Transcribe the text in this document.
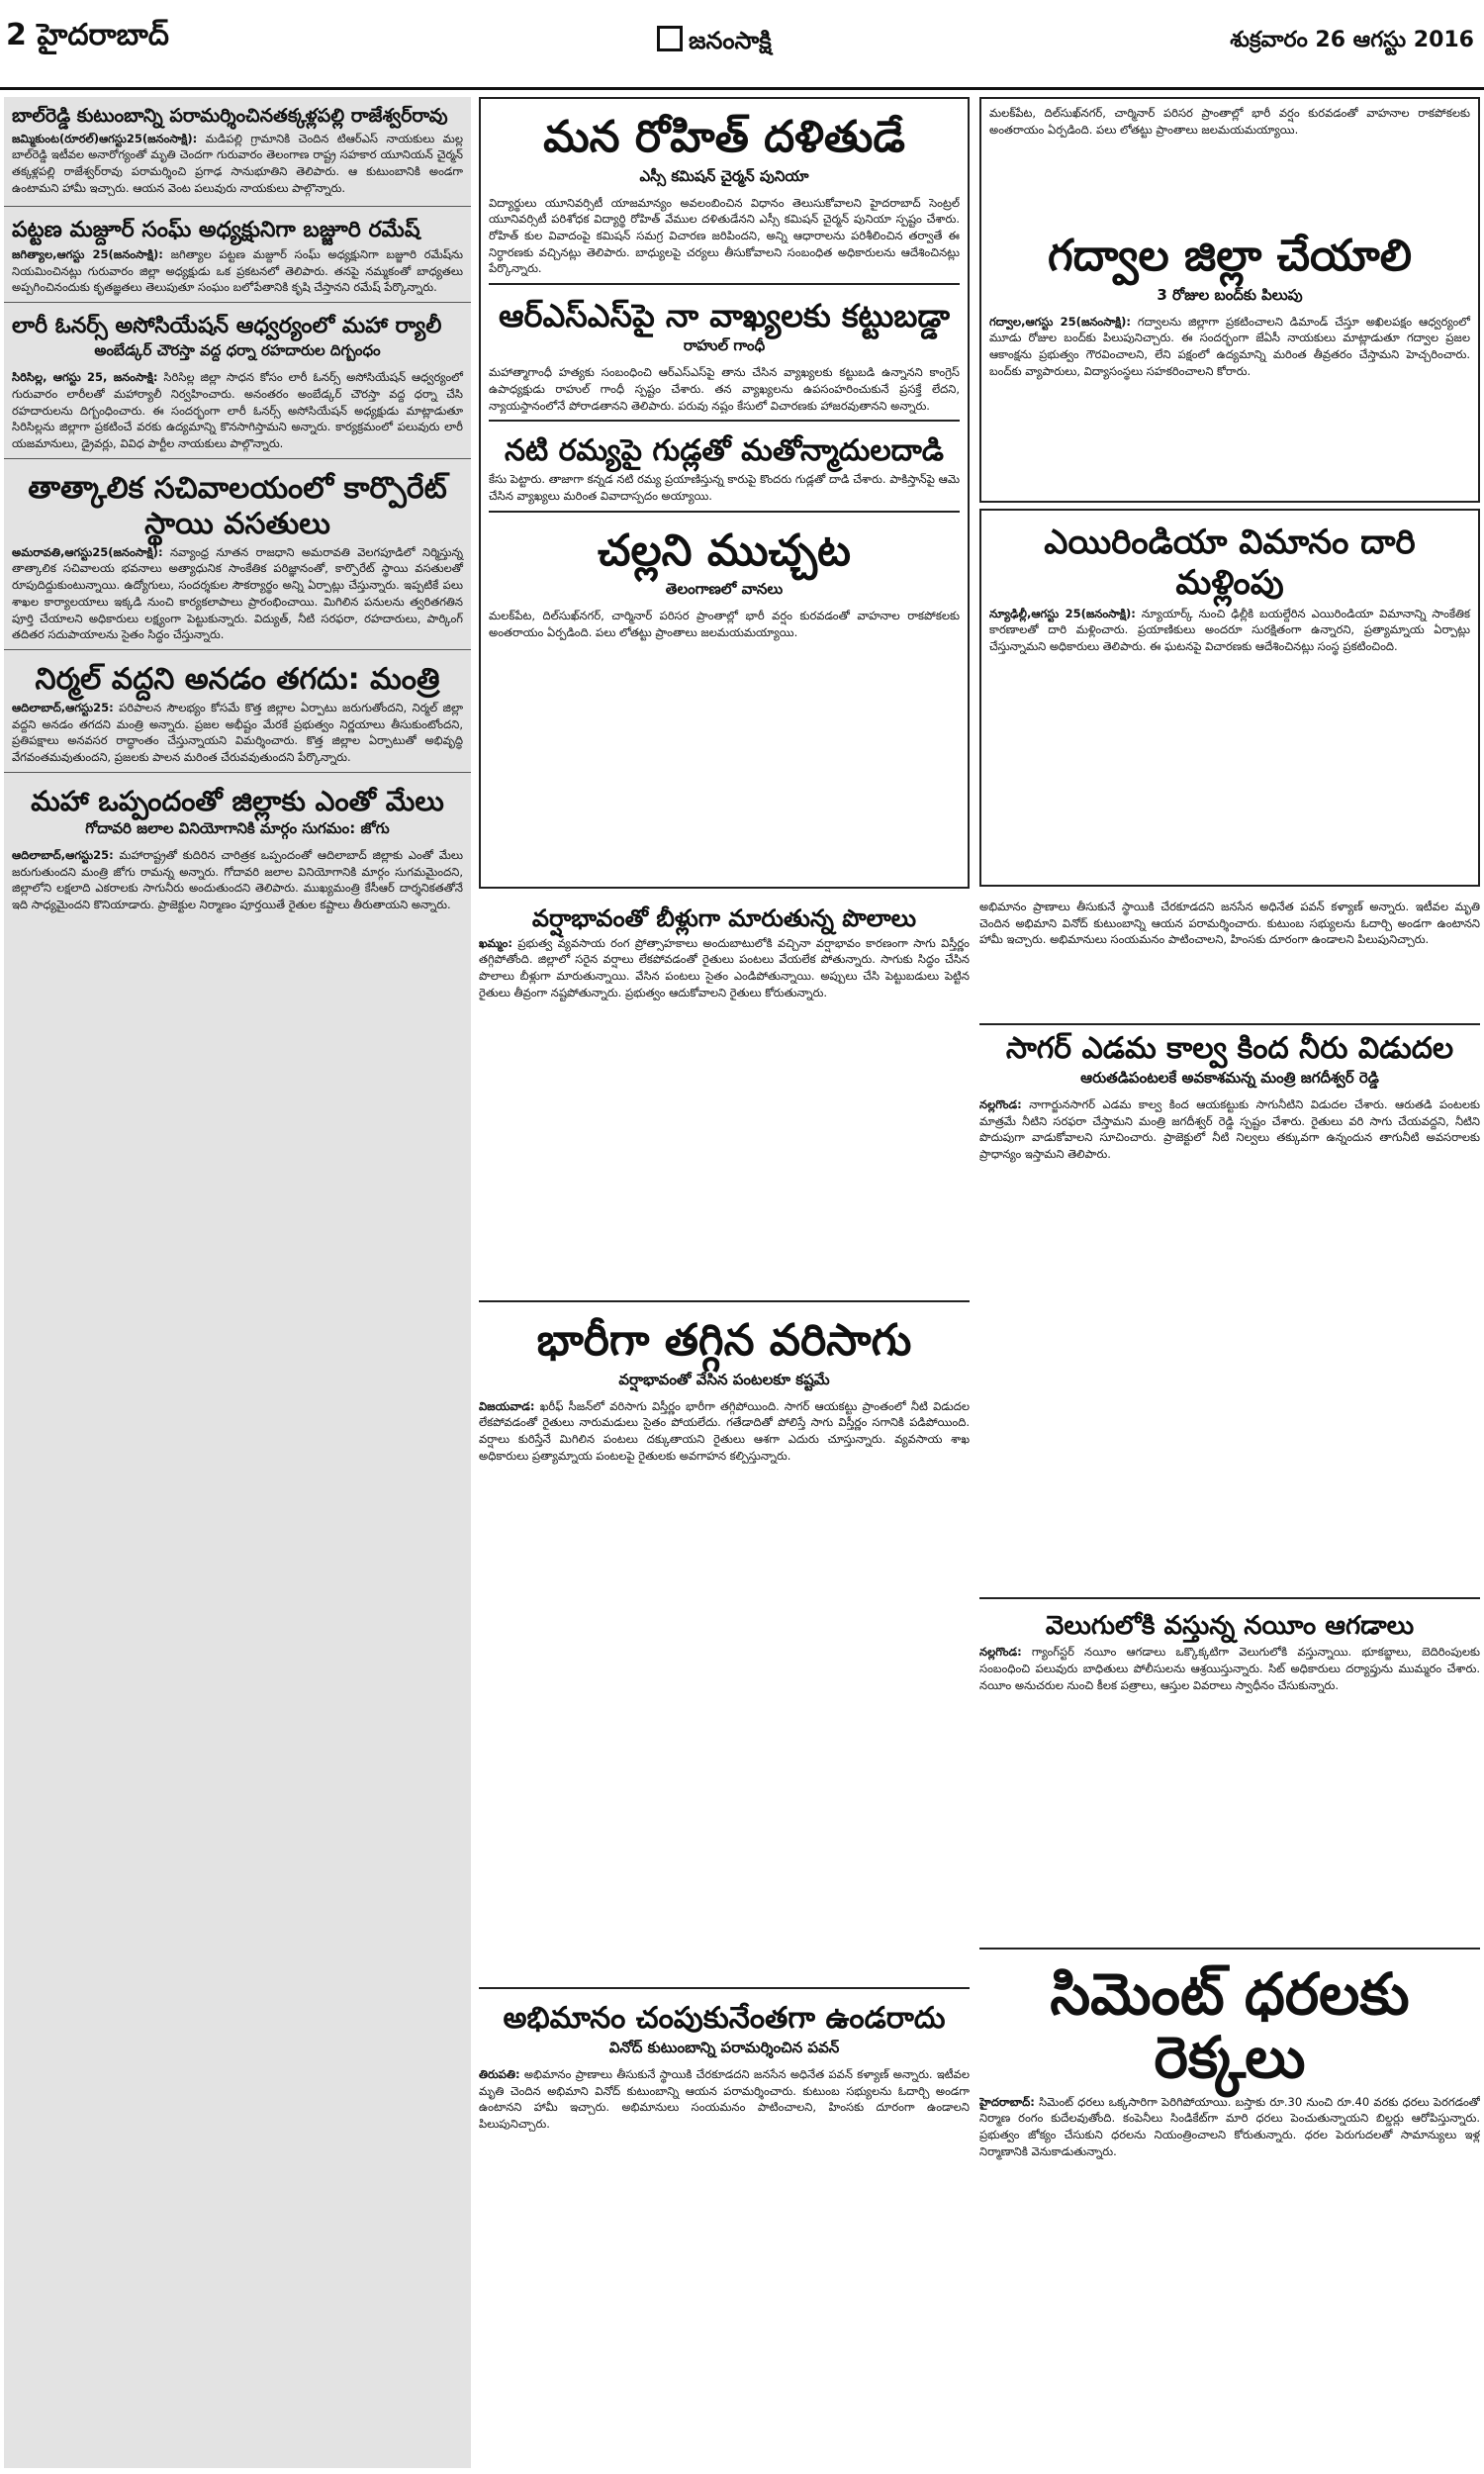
2 హైదరాబాద్	జనంసాక్షి	శుక్రవారం 26 ఆగస్టు 2016
బాల్‌రెడ్డి కుటుంబాన్ని పరామర్శించినతక్కళ్లపల్లి రాజేశ్వర్‌రావు
జమ్మికుంట(రూరల్‌)ఆగస్టు25(జనంసాక్షి): మడిపల్లి గ్రామానికి చెందిన టిఆర్‌ఎస్‌ నాయకులు మల్ల బాల్‌రెడ్డి ఇటీవల అనారోగ్యంతో మృతి చెందగా గురువారం తెలంగాణ రాష్ట్ర సహకార యూనియన్‌ చైర్మన్‌ తక్కళ్లపల్లి రాజేశ్వర్‌రావు పరామర్శించి ప్రగాఢ సానుభూతిని తెలిపారు. ఆ కుటుంబానికి అండగా ఉంటామని హామీ ఇచ్చారు. ఆయన వెంట పలువురు నాయకులు పాల్గొన్నారు.
పట్టణ మజ్దూర్‌ సంఘ్‌ అధ్యక్షునిగా బజ్జూరి రమేష్‌
జగిత్యాల,ఆగస్టు 25(జనంసాక్షి): జగిత్యాల పట్టణ మజ్దూర్‌ సంఘ్‌ అధ్యక్షునిగా బజ్జూరి రమేష్‌ను నియమించినట్లు గురువారం జిల్లా అధ్యక్షుడు ఒక ప్రకటనలో తెలిపారు. తనపై నమ్మకంతో బాధ్యతలు అప్పగించినందుకు కృతజ్ఞతలు తెలుపుతూ సంఘం బలోపేతానికి కృషి చేస్తానని రమేష్‌ పేర్కొన్నారు.
లారీ ఓనర్స్‌ అసోసియేషన్‌ ఆధ్వర్యంలో మహా ర్యాలీ
అంబేడ్కర్‌ చౌరస్తా వద్ద ధర్నా రహదారుల దిగ్బంధం
సిరిసిల్ల, ఆగస్టు 25, జనంసాక్షి: సిరిసిల్ల జిల్లా సాధన కోసం లారీ ఓనర్స్‌ అసోసియేషన్‌ ఆధ్వర్యంలో గురువారం లారీలతో మహార్యాలీ నిర్వహించారు. అనంతరం అంబేడ్కర్‌ చౌరస్తా వద్ద ధర్నా చేసి రహదారులను దిగ్బంధించారు. ఈ సందర్భంగా లారీ ఓనర్స్‌ అసోసియేషన్‌ అధ్యక్షుడు మాట్లాడుతూ సిరిసిల్లను జిల్లాగా ప్రకటించే వరకు ఉద్యమాన్ని కొనసాగిస్తామని అన్నారు. కార్యక్రమంలో పలువురు లారీ యజమానులు, డ్రైవర్లు, వివిధ పార్టీల నాయకులు పాల్గొన్నారు.
తాత్కాలిక సచివాలయంలో కార్పొరేట్‌ స్థాయి వసతులు
అమరావతి,ఆగస్టు25(జనంసాక్షి): నవ్యాంధ్ర నూతన రాజధాని అమరావతి వెలగపూడిలో నిర్మిస్తున్న తాత్కాలిక సచివాలయ భవనాలు అత్యాధునిక సాంకేతిక పరిజ్ఞానంతో, కార్పొరేట్‌ స్థాయి వసతులతో రూపుదిద్దుకుంటున్నాయి. ఉద్యోగులు, సందర్శకుల సౌకర్యార్థం అన్ని ఏర్పాట్లు చేస్తున్నారు. ఇప్పటికే పలు శాఖల కార్యాలయాలు ఇక్కడి నుంచి కార్యకలాపాలు ప్రారంభించాయి. మిగిలిన పనులను త్వరితగతిన పూర్తి చేయాలని అధికారులు లక్ష్యంగా పెట్టుకున్నారు. విద్యుత్‌, నీటి సరఫరా, రహదారులు, పార్కింగ్‌ తదితర సదుపాయాలను సైతం సిద్ధం చేస్తున్నారు.
నిర్మల్‌ వద్దని అనడం తగదు: మంత్రి
ఆదిలాబాద్‌,ఆగస్టు25: పరిపాలన సౌలభ్యం కోసమే కొత్త జిల్లాల ఏర్పాటు జరుగుతోందని, నిర్మల్‌ జిల్లా వద్దని అనడం తగదని మంత్రి అన్నారు. ప్రజల అభీష్టం మేరకే ప్రభుత్వం నిర్ణయాలు తీసుకుంటోందని, ప్రతిపక్షాలు అనవసర రాద్ధాంతం చేస్తున్నాయని విమర్శించారు. కొత్త జిల్లాల ఏర్పాటుతో అభివృద్ధి వేగవంతమవుతుందని, ప్రజలకు పాలన మరింత చేరువవుతుందని పేర్కొన్నారు.
మహా ఒప్పందంతో జిల్లాకు ఎంతో మేలు
గోదావరి జలాల వినియోగానికి మార్గం సుగమం: జోగు
ఆదిలాబాద్‌,ఆగస్టు25: మహారాష్ట్రతో కుదిరిన చారిత్రక ఒప్పందంతో ఆదిలాబాద్‌ జిల్లాకు ఎంతో మేలు జరుగుతుందని మంత్రి జోగు రామన్న అన్నారు. గోదావరి జలాల వినియోగానికి మార్గం సుగమమైందని, జిల్లాలోని లక్షలాది ఎకరాలకు సాగునీరు అందుతుందని తెలిపారు. ముఖ్యమంత్రి కేసీఆర్‌ దార్శనికతతోనే ఇది సాధ్యమైందని కొనియాడారు. ప్రాజెక్టుల నిర్మాణం పూర్తయితే రైతుల కష్టాలు తీరుతాయని అన్నారు.
మన రోహిత్‌ దళితుడే
ఎస్సీ కమిషన్‌ చైర్మన్‌ పునియా
విద్యార్థులు యూనివర్సిటీ యాజమాన్యం అవలంబించిన విధానం తెలుసుకోవాలని హైదరాబాద్‌ సెంట్రల్‌ యూనివర్సిటీ పరిశోధక విద్యార్థి రోహిత్‌ వేముల దళితుడేనని ఎస్సీ కమిషన్‌ చైర్మన్‌ పునియా స్పష్టం చేశారు. రోహిత్‌ కుల వివాదంపై కమిషన్‌ సమగ్ర విచారణ జరిపిందని, అన్ని ఆధారాలను పరిశీలించిన తర్వాతే ఈ నిర్ధారణకు వచ్చినట్లు తెలిపారు. బాధ్యులపై చర్యలు తీసుకోవాలని సంబంధిత అధికారులను ఆదేశించినట్లు పేర్కొన్నారు.
ఆర్‌ఎస్‌ఎస్‌పై నా వాఖ్యలకు కట్టుబడ్డా
రాహుల్‌ గాంధీ
మహాత్మాగాంధీ హత్యకు సంబంధించి ఆర్‌ఎస్‌ఎస్‌పై తాను చేసిన వ్యాఖ్యలకు కట్టుబడి ఉన్నానని కాంగ్రెస్‌ ఉపాధ్యక్షుడు రాహుల్‌ గాంధీ స్పష్టం చేశారు. తన వ్యాఖ్యలను ఉపసంహరించుకునే ప్రసక్తే లేదని, న్యాయస్థానంలోనే పోరాడతానని తెలిపారు. పరువు నష్టం కేసులో విచారణకు హాజరవుతానని అన్నారు.
నటి రమ్యపై గుడ్లతో మతోన్మాదులదాడి
కేసు పెట్టారు. తాజాగా కన్నడ నటి రమ్య ప్రయాణిస్తున్న కారుపై కొందరు గుడ్లతో దాడి చేశారు. పాకిస్తాన్‌పై ఆమె చేసిన వ్యాఖ్యలు మరింత వివాదాస్పదం అయ్యాయి.
చల్లని ముచ్చట
తెలంగాణలో వానలు
మలక్‌పేట, దిల్‌సుఖ్‌నగర్‌, చార్మినార్‌ పరిసర ప్రాంతాల్లో భారీ వర్షం కురవడంతో వాహనాల రాకపోకలకు అంతరాయం ఏర్పడింది. పలు లోతట్టు ప్రాంతాలు జలమయమయ్యాయి.
మలక్‌పేట, దిల్‌సుఖ్‌నగర్‌, చార్మినార్‌ పరిసర ప్రాంతాల్లో భారీ వర్షం కురవడంతో వాహనాల రాకపోకలకు అంతరాయం ఏర్పడింది. పలు లోతట్టు ప్రాంతాలు జలమయమయ్యాయి.
గద్వాల జిల్లా చేయాలి
3 రోజుల బంద్‌కు పిలుపు
గద్వాల,ఆగస్టు 25(జనంసాక్షి): గద్వాలను జిల్లాగా ప్రకటించాలని డిమాండ్‌ చేస్తూ అఖిలపక్షం ఆధ్వర్యంలో మూడు రోజుల బంద్‌కు పిలుపునిచ్చారు. ఈ సందర్భంగా జేఏసీ నాయకులు మాట్లాడుతూ గద్వాల ప్రజల ఆకాంక్షను ప్రభుత్వం గౌరవించాలని, లేని పక్షంలో ఉద్యమాన్ని మరింత తీవ్రతరం చేస్తామని హెచ్చరించారు. బంద్‌కు వ్యాపారులు, విద్యాసంస్థలు సహకరించాలని కోరారు.
ఎయిరిండియా విమానం దారి మళ్లింపు
న్యూఢిల్లీ,ఆగస్టు 25(జనంసాక్షి): న్యూయార్క్‌ నుంచి ఢిల్లీకి బయల్దేరిన ఎయిరిండియా విమానాన్ని సాంకేతిక కారణాలతో దారి మళ్లించారు. ప్రయాణికులు అందరూ సురక్షితంగా ఉన్నారని, ప్రత్యామ్నాయ ఏర్పాట్లు చేస్తున్నామని అధికారులు తెలిపారు. ఈ ఘటనపై విచారణకు ఆదేశించినట్లు సంస్థ ప్రకటించింది.
వర్షాభావంతో బీళ్లుగా మారుతున్న పొలాలు
ఖమ్మం: ప్రభుత్వ వ్యవసాయ రంగ ప్రోత్సాహకాలు అందుబాటులోకి వచ్చినా వర్షాభావం కారణంగా సాగు విస్తీర్ణం తగ్గిపోతోంది. జిల్లాలో సరైన వర్షాలు లేకపోవడంతో రైతులు పంటలు వేయలేక పోతున్నారు. సాగుకు సిద్ధం చేసిన పొలాలు బీళ్లుగా మారుతున్నాయి. వేసిన పంటలు సైతం ఎండిపోతున్నాయి. అప్పులు చేసి పెట్టుబడులు పెట్టిన రైతులు తీవ్రంగా నష్టపోతున్నారు. ప్రభుత్వం ఆదుకోవాలని రైతులు కోరుతున్నారు.
భారీగా తగ్గిన వరిసాగు
వర్షాభావంతో వేసిన పంటలకూ కష్టమే
విజయవాడ: ఖరీఫ్‌ సీజన్‌లో వరిసాగు విస్తీర్ణం భారీగా తగ్గిపోయింది. సాగర్‌ ఆయకట్టు ప్రాంతంలో నీటి విడుదల లేకపోవడంతో రైతులు నారుమడులు సైతం పోయలేదు. గతేడాదితో పోలిస్తే సాగు విస్తీర్ణం సగానికి పడిపోయింది. వర్షాలు కురిస్తేనే మిగిలిన పంటలు దక్కుతాయని రైతులు ఆశగా ఎదురు చూస్తున్నారు. వ్యవసాయ శాఖ అధికారులు ప్రత్యామ్నాయ పంటలపై రైతులకు అవగాహన కల్పిస్తున్నారు.
అభిమానం చంపుకునేంతగా ఉండరాదు
వినోద్‌ కుటుంబాన్ని పరామర్శించిన పవన్‌
తిరుపతి: అభిమానం ప్రాణాలు తీసుకునే స్థాయికి చేరకూడదని జనసేన అధినేత పవన్‌ కళ్యాణ్‌ అన్నారు. ఇటీవల మృతి చెందిన అభిమాని వినోద్‌ కుటుంబాన్ని ఆయన పరామర్శించారు. కుటుంబ సభ్యులను ఓదార్చి అండగా ఉంటానని హామీ ఇచ్చారు. అభిమానులు సంయమనం పాటించాలని, హింసకు దూరంగా ఉండాలని పిలుపునిచ్చారు.
అభిమానం ప్రాణాలు తీసుకునే స్థాయికి చేరకూడదని జనసేన అధినేత పవన్‌ కళ్యాణ్‌ అన్నారు. ఇటీవల మృతి చెందిన అభిమాని వినోద్‌ కుటుంబాన్ని ఆయన పరామర్శించారు. కుటుంబ సభ్యులను ఓదార్చి అండగా ఉంటానని హామీ ఇచ్చారు. అభిమానులు సంయమనం పాటించాలని, హింసకు దూరంగా ఉండాలని పిలుపునిచ్చారు.
సాగర్‌ ఎడమ కాల్వ కింద నీరు విడుదల
ఆరుతడిపంటలకే అవకాశమన్న మంత్రి జగదీశ్వర్‌ రెడ్డి
నల్లగొండ: నాగార్జునసాగర్‌ ఎడమ కాల్వ కింద ఆయకట్టుకు సాగునీటిని విడుదల చేశారు. ఆరుతడి పంటలకు మాత్రమే నీటిని సరఫరా చేస్తామని మంత్రి జగదీశ్వర్‌ రెడ్డి స్పష్టం చేశారు. రైతులు వరి సాగు చేయవద్దని, నీటిని పొదుపుగా వాడుకోవాలని సూచించారు. ప్రాజెక్టులో నీటి నిల్వలు తక్కువగా ఉన్నందున తాగునీటి అవసరాలకు ప్రాధాన్యం ఇస్తామని తెలిపారు.
వెలుగులోకి వస్తున్న నయీం ఆగడాలు
నల్లగొండ: గ్యాంగ్‌స్టర్‌ నయీం ఆగడాలు ఒక్కొక్కటిగా వెలుగులోకి వస్తున్నాయి. భూకబ్జాలు, బెదిరింపులకు సంబంధించి పలువురు బాధితులు పోలీసులను ఆశ్రయిస్తున్నారు. సిట్‌ అధికారులు దర్యాప్తును ముమ్మరం చేశారు. నయీం అనుచరుల నుంచి కీలక పత్రాలు, ఆస్తుల వివరాలు స్వాధీనం చేసుకున్నారు.
సిమెంట్‌ ధరలకు రెక్కలు
హైదరాబాద్‌: సిమెంట్‌ ధరలు ఒక్కసారిగా పెరిగిపోయాయి. బస్తాకు రూ.30 నుంచి రూ.40 వరకు ధరలు పెరగడంతో నిర్మాణ రంగం కుదేలవుతోంది. కంపెనీలు సిండికేట్‌గా మారి ధరలు పెంచుతున్నాయని బిల్డర్లు ఆరోపిస్తున్నారు. ప్రభుత్వం జోక్యం చేసుకుని ధరలను నియంత్రించాలని కోరుతున్నారు. ధరల పెరుగుదలతో సామాన్యులు ఇళ్ల నిర్మాణానికి వెనుకాడుతున్నారు.
